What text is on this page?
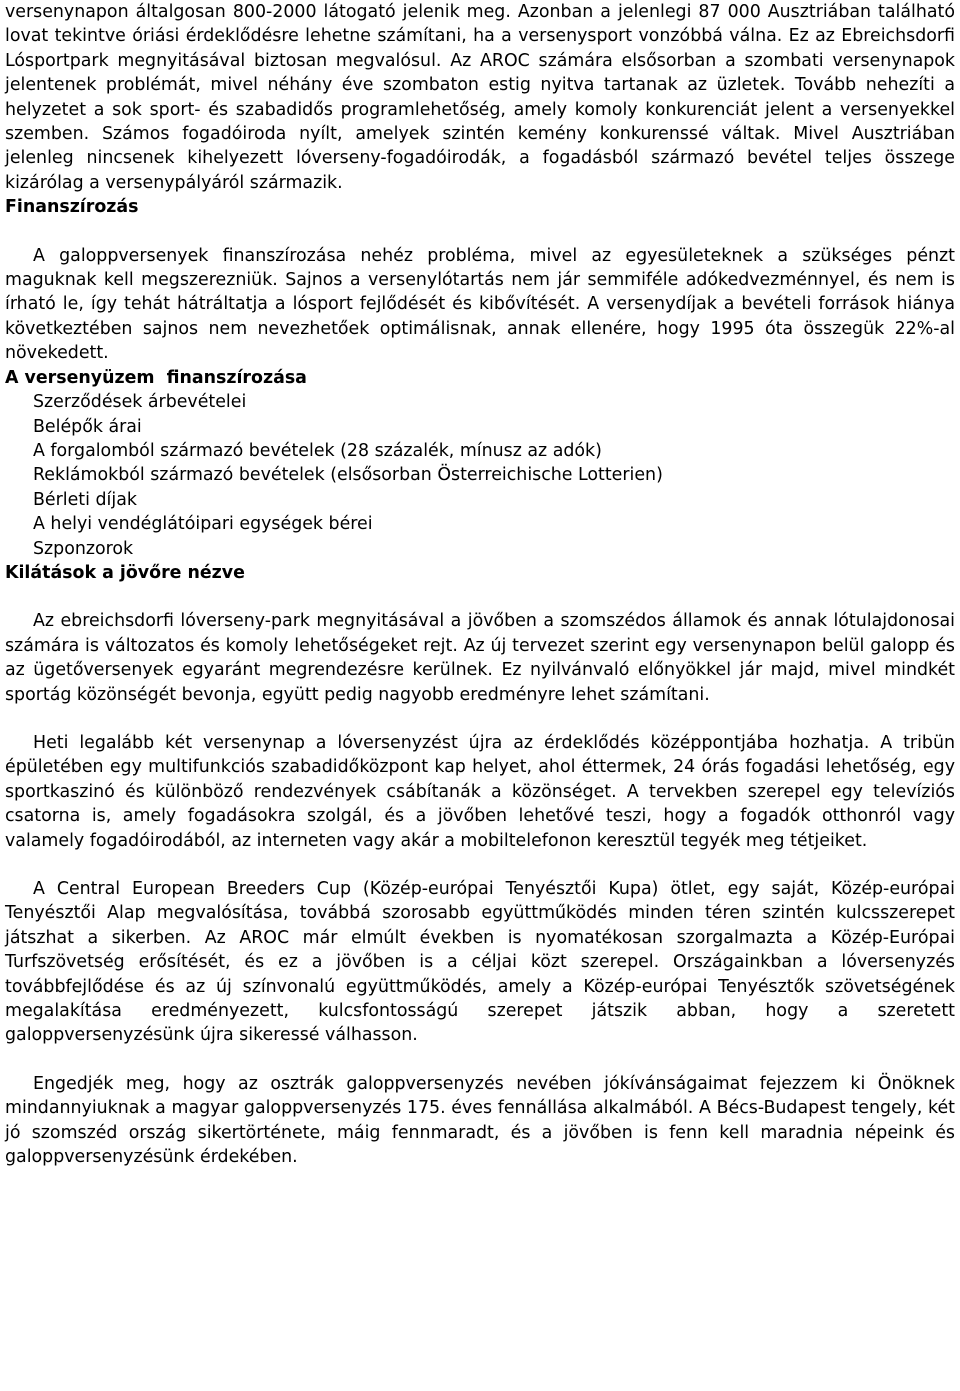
versenynapon általgosan 800-2000 látogató jelenik meg. Azonban a jelenlegi 87 000 Ausztriában található lovat tekintve óriási érdeklődésre lehetne számítani, ha a versenysport vonzóbbá válna. Ez az Ebreichsdorfi Lósportpark megnyitásával biztosan megvalósul. Az AROC számára elsősorban a szombati versenynapok jelentenek problémát, mivel néhány éve szombaton estig nyitva tartanak az üzletek. Tovább nehezíti a helyzetet a sok sport- és szabadidős programlehetőség, amely komoly konkurenciát jelent a versenyekkel szemben. Számos fogadóiroda nyílt, amelyek szintén kemény konkurenssé váltak. Mivel Ausztriában jelenleg nincsenek kihelyezett lóverseny-fogadóirodák, a fogadásból származó bevétel teljes összege kizárólag a versenypályáról származik.

Finanszírozás

A galoppversenyek finanszírozása nehéz probléma, mivel az egyesületeknek a szükséges pénzt maguknak kell megszerezniük. Sajnos a versenylótartás nem jár semmiféle adókedvezménnyel, és nem is írható le, így tehát hátráltatja a lósport fejlődését és kibővítését. A versenydíjak a bevételi források hiánya következtében sajnos nem nevezhetőek optimálisnak, annak ellenére, hogy 1995 óta összegük 22%-al növekedett.

A versenyüzem  finanszírozása
Szerződések árbevételei
Belépők árai
A forgalomból származó bevételek (28 százalék, mínusz az adók)
Reklámokból származó bevételek (elsősorban Österreichische Lotterien)
Bérleti díjak
A helyi vendéglátóipari egységek bérei
Szponzorok
Kilátások a jövőre nézve

Az ebreichsdorfi lóverseny-park megnyitásával a jövőben a szomszédos államok és annak lótulajdonosai számára is változatos és komoly lehetőségeket rejt. Az új tervezet szerint egy versenynapon belül galopp és az ügetőversenyek egyaránt megrendezésre kerülnek. Ez nyilvánvaló előnyökkel jár majd, mivel mindkét sportág közönségét bevonja, együtt pedig nagyobb eredményre lehet számítani.

Heti legalább két versenynap a lóversenyzést újra az érdeklődés középpontjába hozhatja. A tribün épületében egy multifunkciós szabadidőközpont kap helyet, ahol éttermek, 24 órás fogadási lehetőség, egy sportkaszinó és különböző rendezvények csábítanák a közönséget. A tervekben szerepel egy televíziós csatorna is, amely fogadásokra szolgál, és a jövőben lehetővé teszi, hogy a fogadók otthonról vagy valamely fogadóirodából, az interneten vagy akár a mobiltelefonon keresztül tegyék meg tétjeiket.

A Central European Breeders Cup (Közép-európai Tenyésztői Kupa) ötlet, egy saját, Közép-európai Tenyésztői Alap megvalósítása, továbbá szorosabb együttműködés minden téren szintén kulcsszerepet játszhat a sikerben. Az AROC már elmúlt években is nyomatékosan szorgalmazta a Közép-Európai Turfszövetség erősítését, és ez a jövőben is a céljai közt szerepel. Országainkban a lóversenyzés továbbfejlődése és az új színvonalú együttműködés, amely a Közép-európai Tenyésztők szövetségének megalakítása eredményezett, kulcsfontosságú szerepet játszik abban, hogy a szeretett galoppversenyzésünk újra sikeressé válhasson.

Engedjék meg, hogy az osztrák galoppversenyzés nevében jókívánságaimat fejezzem ki Önöknek mindannyiuknak a magyar galoppversenyzés 175. éves fennállása alkalmából. A Bécs-Budapest tengely, két jó szomszéd ország sikertörténete, máig fennmaradt, és a jövőben is fenn kell maradnia népeink és galoppversenyzésünk érdekében.
